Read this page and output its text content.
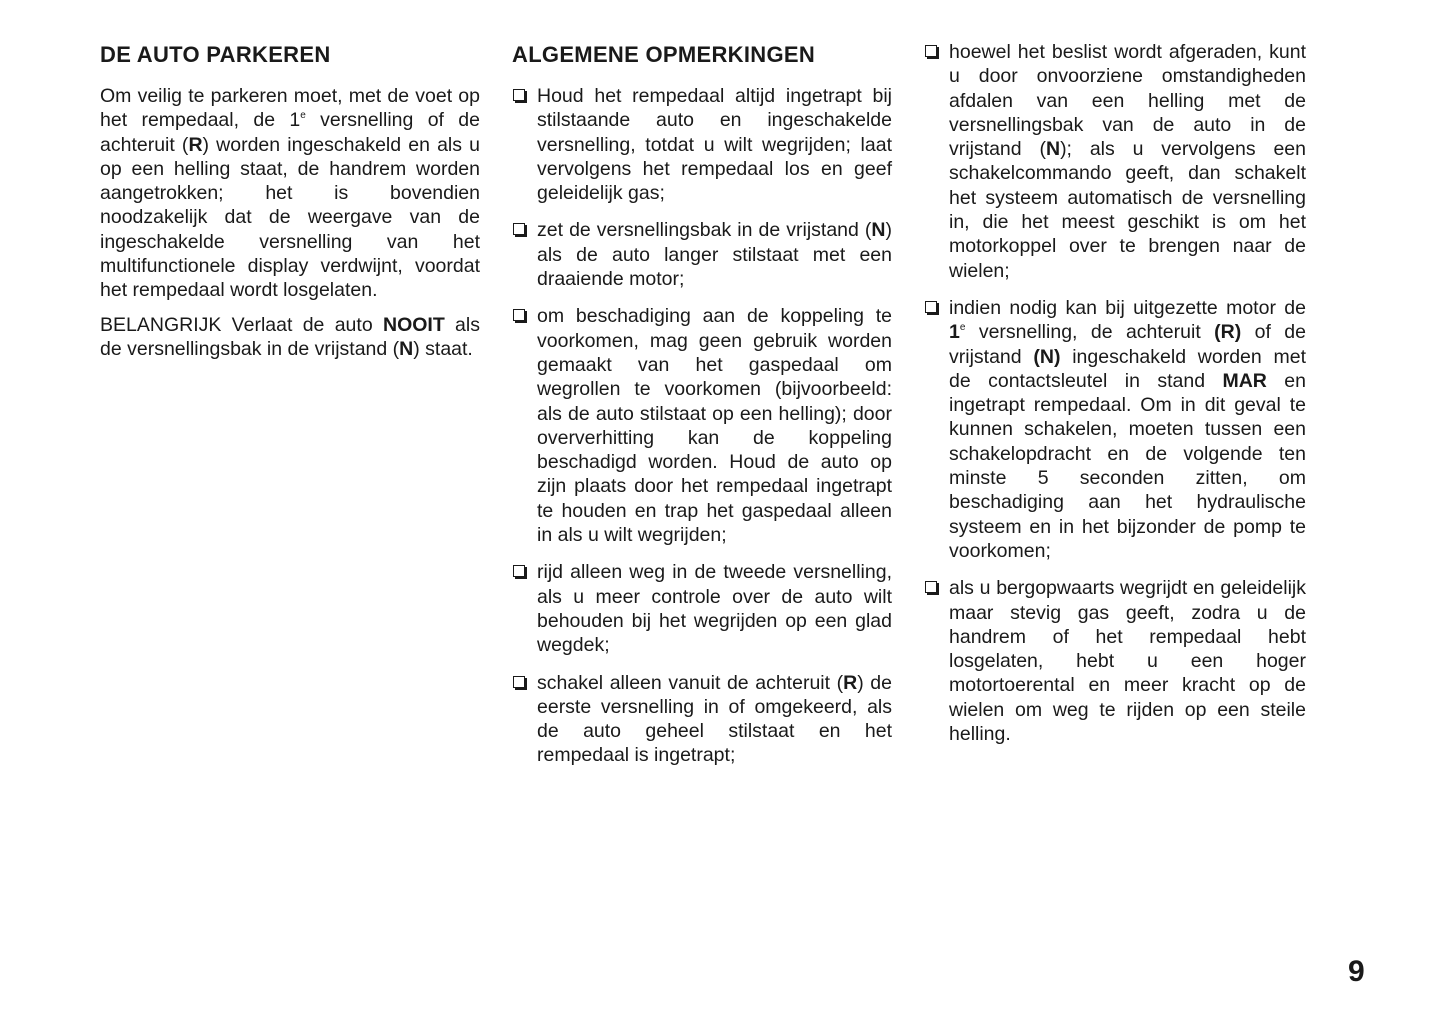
DE AUTO PARKEREN

Om veilig te parkeren moet, met de voet op het rempedaal, de 1e versnelling of de achteruit (R) worden ingeschakeld en als u op een helling staat, de handrem worden aangetrokken; het is bovendien noodzakelijk dat de weergave van de ingeschakelde versnelling van het multifunctionele display verdwijnt, voordat het rempedaal wordt losgelaten.

BELANGRIJK Verlaat de auto NOOIT als de versnellingsbak in de vrijstand (N) staat.

ALGEMENE OPMERKINGEN
Houd het rempedaal altijd ingetrapt bij stilstaande auto en ingeschakelde versnelling, totdat u wilt wegrijden; laat vervolgens het rempedaal los en geef geleidelijk gas;
zet de versnellingsbak in de vrijstand (N) als de auto langer stilstaat met een draaiende motor;
om beschadiging aan de koppeling te voorkomen, mag geen gebruik worden gemaakt van het gaspedaal om wegrollen te voorkomen (bijvoorbeeld: als de auto stilstaat op een helling); door oververhitting kan de koppeling beschadigd worden. Houd de auto op zijn plaats door het rempedaal ingetrapt te houden en trap het gaspedaal alleen in als u wilt wegrijden;
rijd alleen weg in de tweede versnelling, als u meer controle over de auto wilt behouden bij het wegrijden op een glad wegdek;
schakel alleen vanuit de achteruit (R) de eerste versnelling in of omgekeerd, als de auto geheel stilstaat en het rempedaal is ingetrapt;
hoewel het beslist wordt afgeraden, kunt u door onvoorziene omstandigheden afdalen van een helling met de versnellingsbak van de auto in de vrijstand (N); als u vervolgens een schakelcommando geeft, dan schakelt het systeem automatisch de versnelling in, die het meest geschikt is om het motorkoppel over te brengen naar de wielen;
indien nodig kan bij uitgezette motor de 1e versnelling, de achteruit (R) of de vrijstand (N) ingeschakeld worden met de contactsleutel in stand MAR en ingetrapt rempedaal. Om in dit geval te kunnen schakelen, moeten tussen een schakelopdracht en de volgende ten minste 5 seconden zitten, om beschadiging aan het hydraulische systeem en in het bijzonder de pomp te voorkomen;
als u bergopwaarts wegrijdt en geleidelijk maar stevig gas geeft, zodra u de handrem of het rempedaal hebt losgelaten, hebt u een hoger motortoerental en meer kracht op de wielen om weg te rijden op een steile helling.
9
